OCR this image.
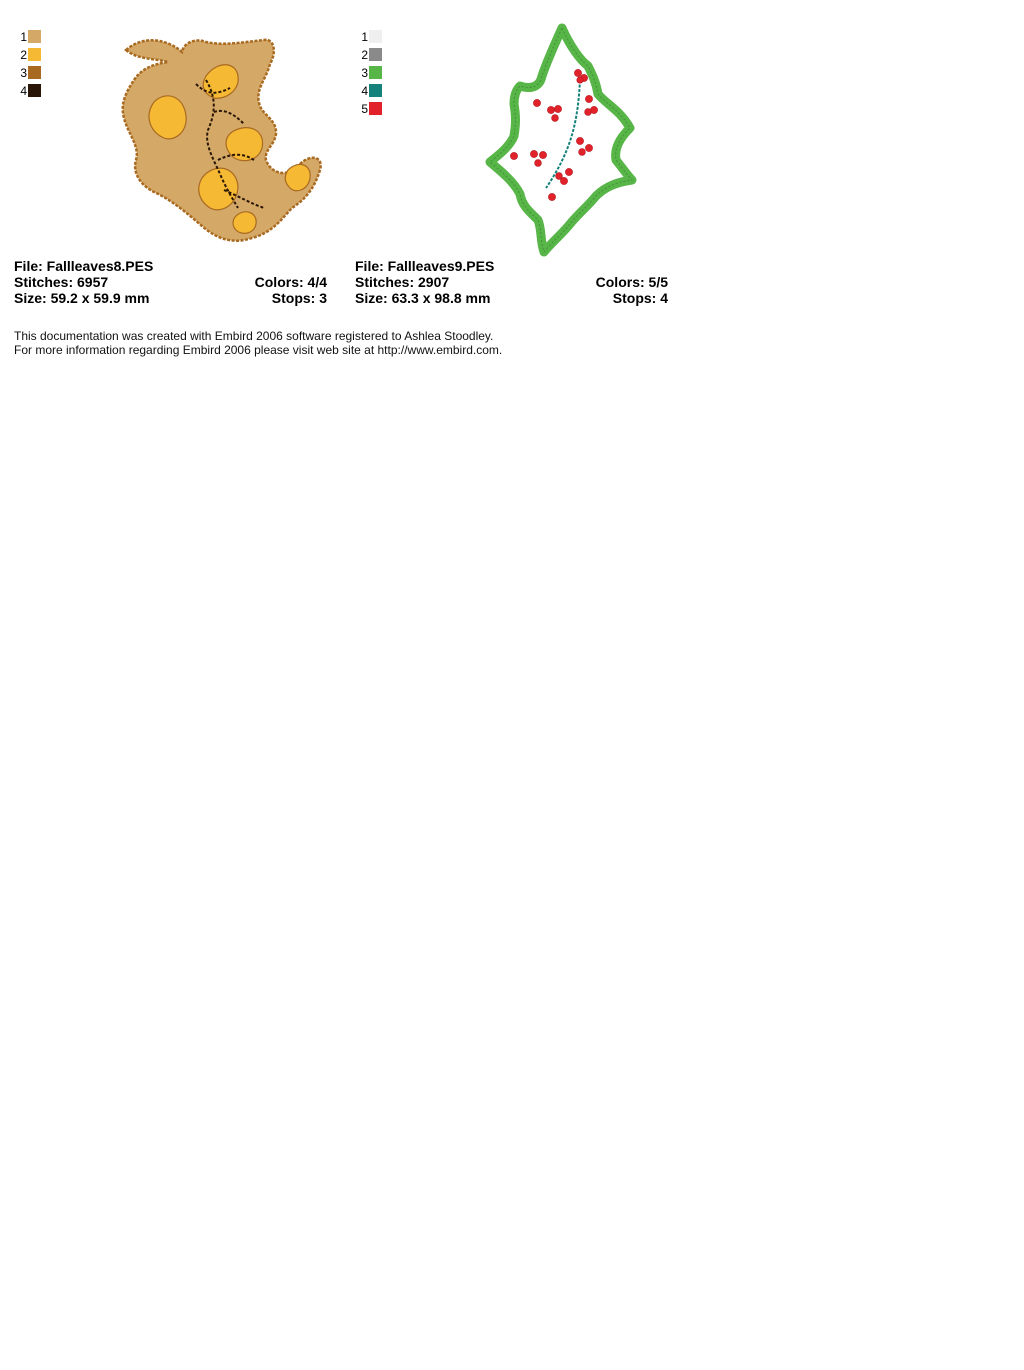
1
2
3
4
File: Fallleaves8.PES
Stitches: 6957	Colors: 4/4
Size: 59.2 x 59.9 mm	Stops: 3
1
2
3
4
5
File: Fallleaves9.PES
Stitches: 2907	Colors: 5/5
Size: 63.3 x 98.8 mm	Stops: 4
This documentation was created with Embird 2006 software registered to Ashlea Stoodley.
For more information regarding Embird 2006 please visit web site at http://www.embird.com.
